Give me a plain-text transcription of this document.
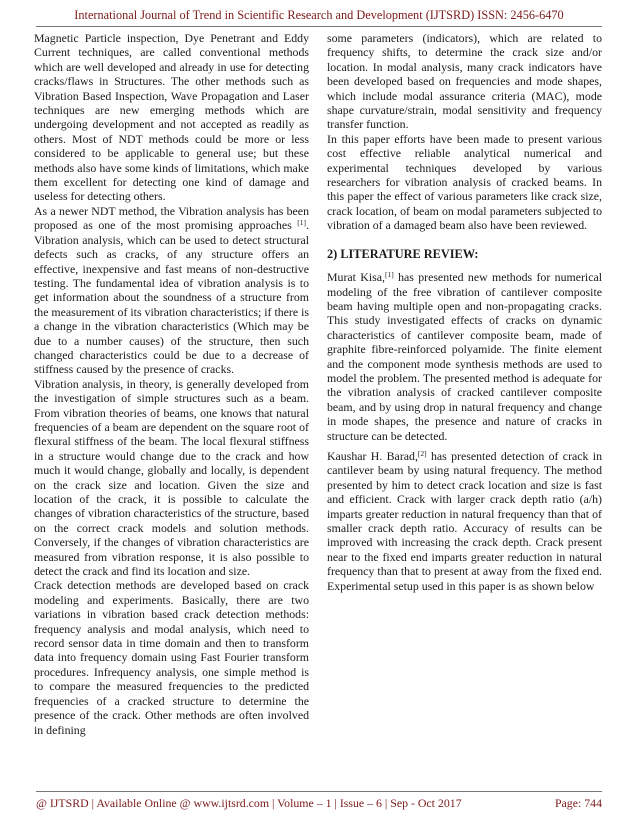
International Journal of Trend in Scientific Research and Development (IJTSRD) ISSN: 2456-6470

Magnetic Particle inspection, Dye Penetrant and Eddy Current techniques, are called conventional methods which are well developed and already in use for detecting cracks/flaws in Structures. The other methods such as Vibration Based Inspection, Wave Propagation and Laser techniques are new emerging methods which are undergoing development and not accepted as readily as others. Most of NDT methods could be more or less considered to be applicable to general use; but these methods also have some kinds of limitations, which make them excellent for detecting one kind of damage and useless for detecting others.

As a newer NDT method, the Vibration analysis has been proposed as one of the most promising approaches [1]. Vibration analysis, which can be used to detect structural defects such as cracks, of any structure offers an effective, inexpensive and fast means of non-destructive testing. The fundamental idea of vibration analysis is to get information about the soundness of a structure from the measurement of its vibration characteristics; if there is a change in the vibration characteristics (Which may be due to a number causes) of the structure, then such changed characteristics could be due to a decrease of stiffness caused by the presence of cracks.

Vibration analysis, in theory, is generally developed from the investigation of simple structures such as a beam. From vibration theories of beams, one knows that natural frequencies of a beam are dependent on the square root of flexural stiffness of the beam. The local flexural stiffness in a structure would change due to the crack and how much it would change, globally and locally, is dependent on the crack size and location. Given the size and location of the crack, it is possible to calculate the changes of vibration characteristics of the structure, based on the correct crack models and solution methods. Conversely, if the changes of vibration characteristics are measured from vibration response, it is also possible to detect the crack and find its location and size.

Crack detection methods are developed based on crack modeling and experiments. Basically, there are two variations in vibration based crack detection methods: frequency analysis and modal analysis, which need to record sensor data in time domain and then to transform data into frequency domain using Fast Fourier transform procedures. Infrequency analysis, one simple method is to compare the measured frequencies to the predicted frequencies of a cracked structure to determine the presence of the crack. Other methods are often involved in defining

some parameters (indicators), which are related to frequency shifts, to determine the crack size and/or location. In modal analysis, many crack indicators have been developed based on frequencies and mode shapes, which include modal assurance criteria (MAC), mode shape curvature/strain, modal sensitivity and frequency transfer function.

In this paper efforts have been made to present various cost effective reliable analytical numerical and experimental techniques developed by various researchers for vibration analysis of cracked beams. In this paper the effect of various parameters like crack size, crack location, of beam on modal parameters subjected to vibration of a damaged beam also have been reviewed.

2) LITERATURE REVIEW:

Murat Kisa,[1] has presented new methods for numerical modeling of the free vibration of cantilever composite beam having multiple open and non-propagating cracks. This study investigated effects of cracks on dynamic characteristics of cantilever composite beam, made of graphite fibre-reinforced polyamide. The finite element and the component mode synthesis methods are used to model the problem. The presented method is adequate for the vibration analysis of cracked cantilever composite beam, and by using drop in natural frequency and change in mode shapes, the presence and nature of cracks in structure can be detected.

Kaushar H. Barad,[2] has presented detection of crack in cantilever beam by using natural frequency. The method presented by him to detect crack location and size is fast and efficient. Crack with larger crack depth ratio (a/h) imparts greater reduction in natural frequency than that of smaller crack depth ratio. Accuracy of results can be improved with increasing the crack depth. Crack present near to the fixed end imparts greater reduction in natural frequency than that to present at away from the fixed end. Experimental setup used in this paper is as shown below

@ IJTSRD | Available Online @ www.ijtsrd.com | Volume – 1 | Issue – 6 | Sep - Oct 2017	Page: 744
